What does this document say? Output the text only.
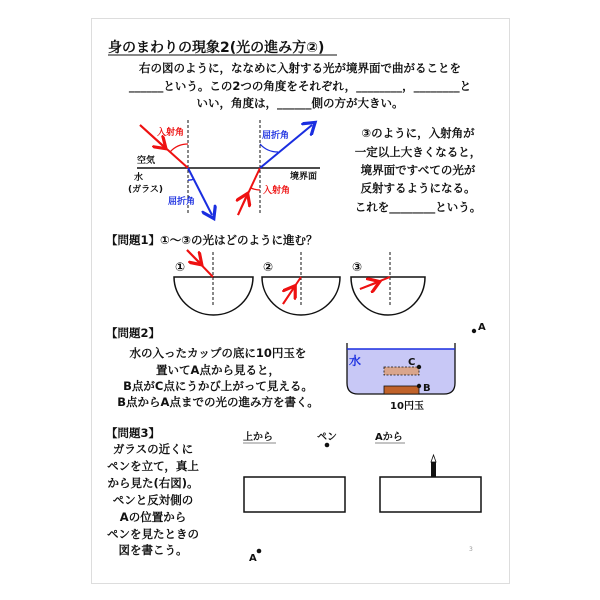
身のまわりの現象2(光の進み方②)
右の図のように，ななめに入射する光が境界面で曲がることを
______という。この2つの角度をそれぞれ，________，________と
いい，角度は，______側の方が大きい。
入射角
空気
水
(ガラス)
屈折角
境界面
屈折角
入射角
③のように，入射角が
一定以上大きくなると，
境界面ですべての光が
反射するようになる。
これを________という。
【問題1】①～③の光はどのように進む？
①	②	③
【問題2】
水の入ったカップの底に10円玉を
置いてA点から見ると，
B点がC点にうかび上がって見える。
B点からA点までの光の進み方を書く。
水	C
B
A
10円玉
【問題3】
ガラスの近くに
ペンを立て，真上
から見た(右図)。
ペンと反対側の
Aの位置から
ペンを見たときの
図を書こう。
上から	ペン	Aから
A
3
